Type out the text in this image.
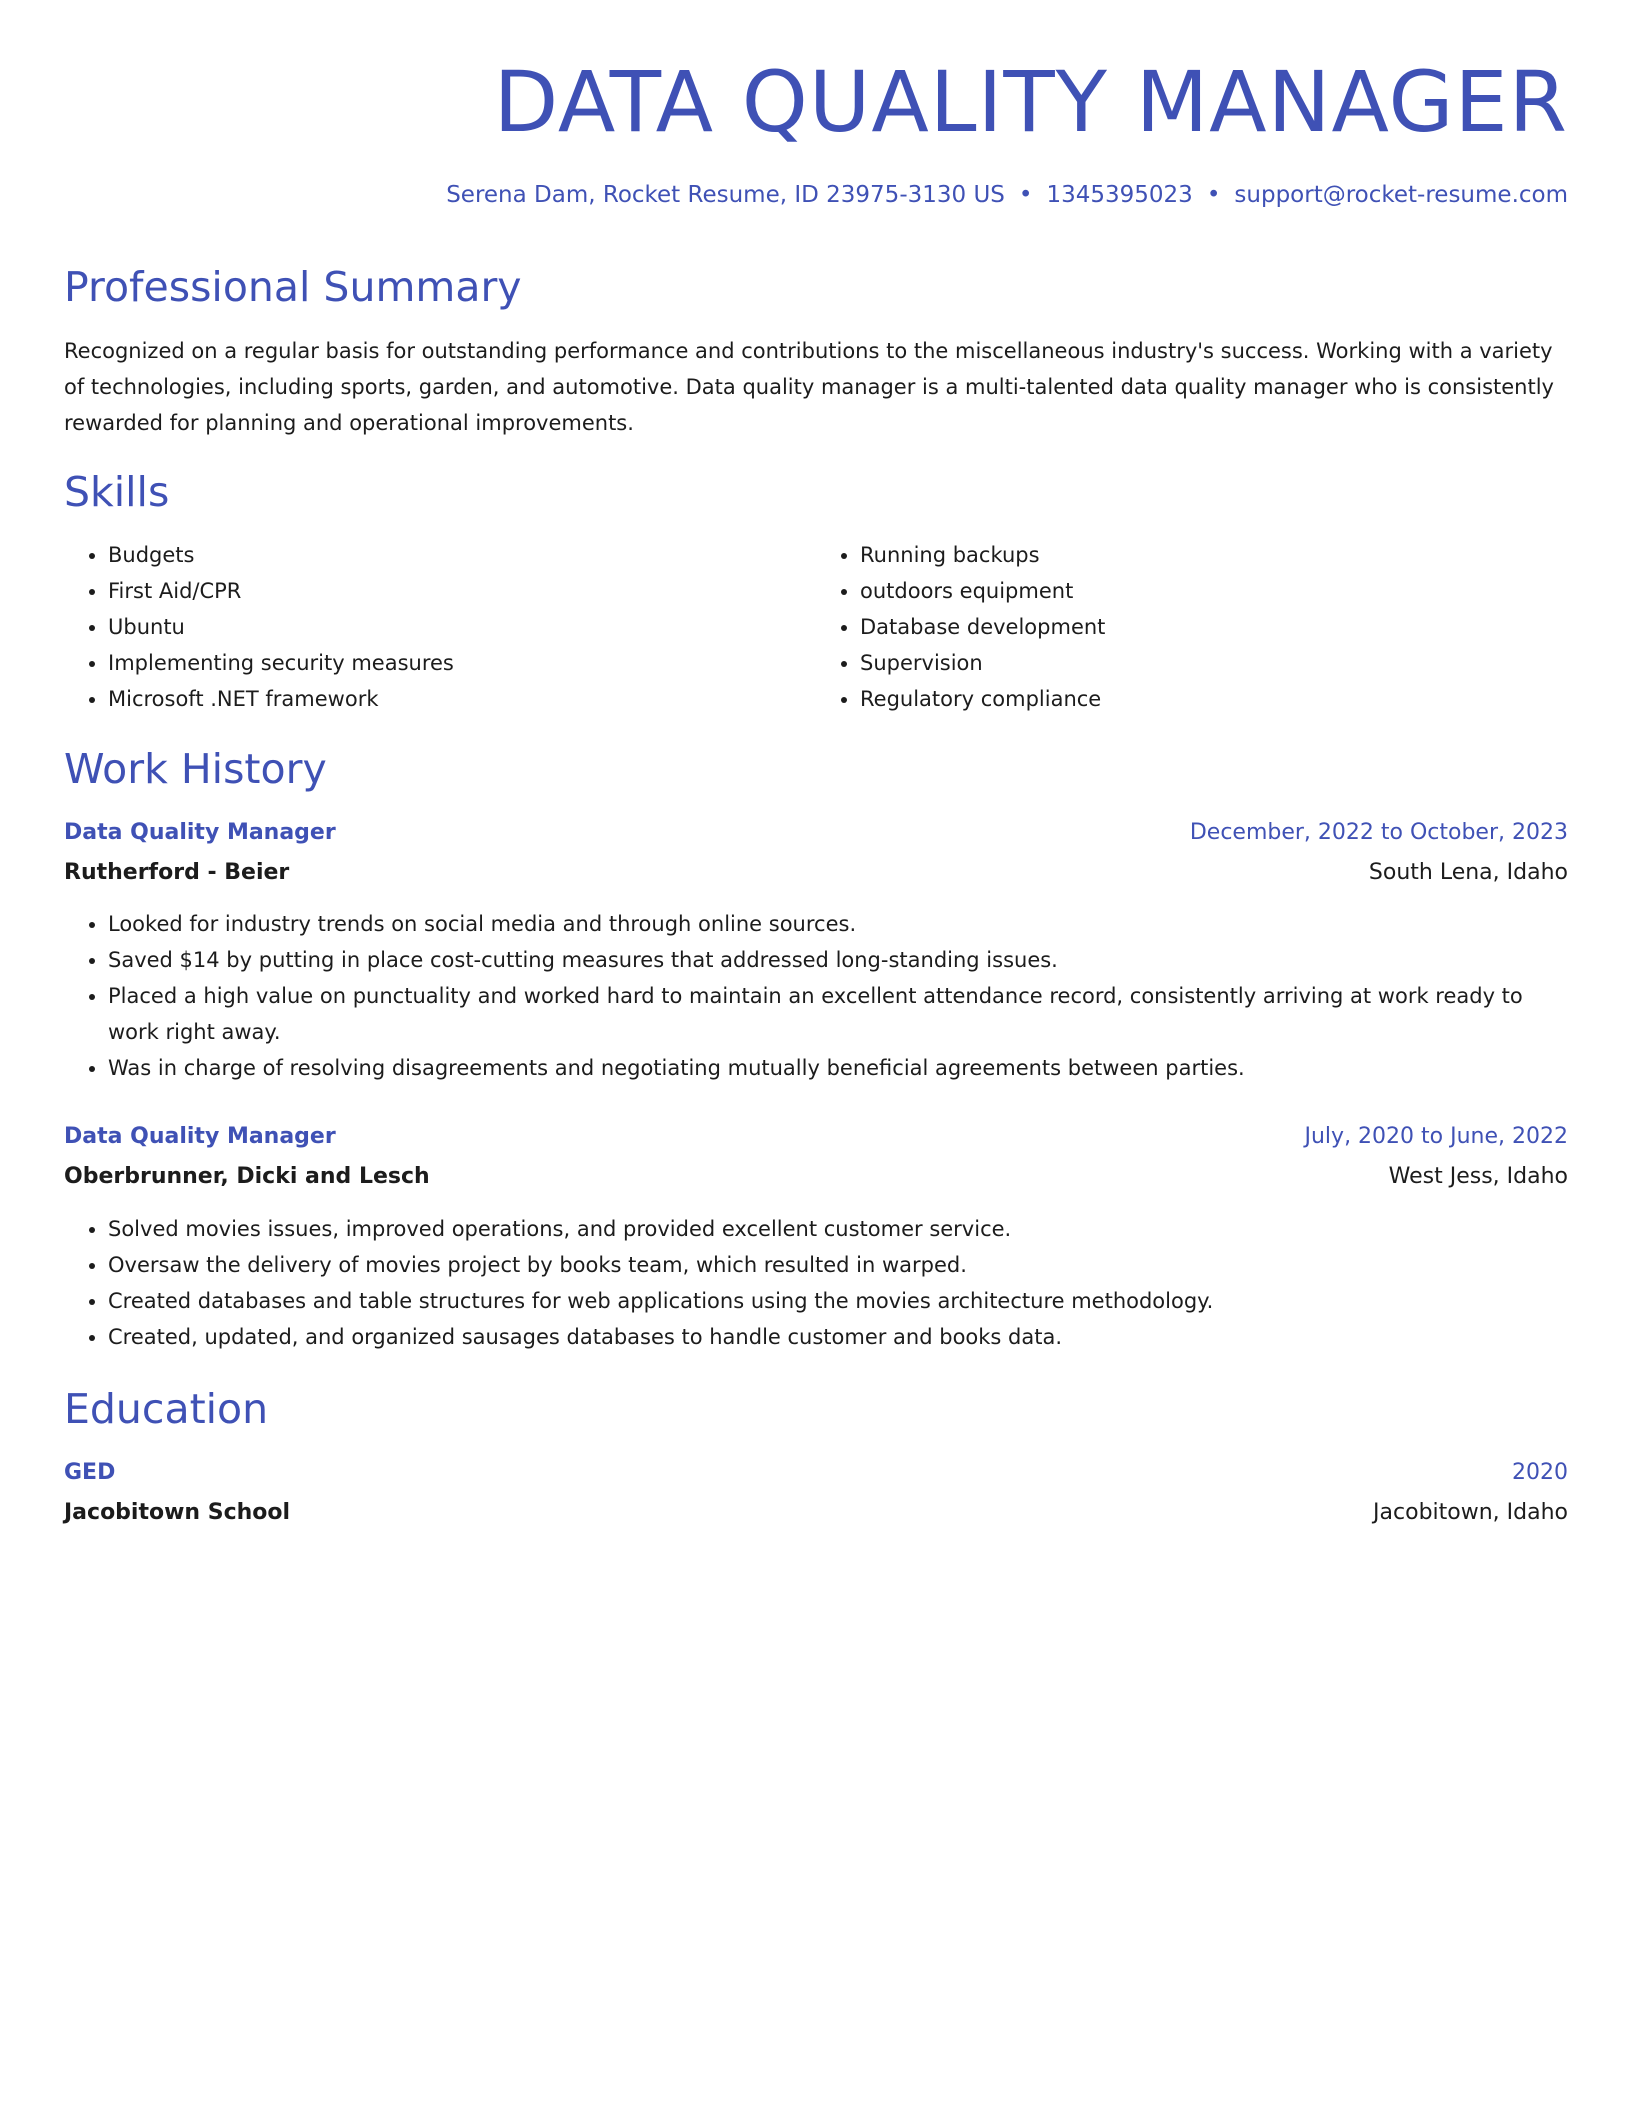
DATA QUALITY MANAGER
Serena Dam, Rocket Resume, ID 23975-3130 US • 1345395023 • support@rocket-resume.com
Professional Summary
Recognized on a regular basis for outstanding performance and contributions to the miscellaneous industry's success. Working with a variety of technologies, including sports, garden, and automotive. Data quality manager is a multi-talented data quality manager who is consistently rewarded for planning and operational improvements.
Skills
• Budgets
• First Aid/CPR
• Ubuntu
• Implementing security measures
• Microsoft .NET framework
• Running backups
• outdoors equipment
• Database development
• Supervision
• Regulatory compliance
Work History
Data Quality Manager	December, 2022 to October, 2023
Rutherford - Beier	South Lena, Idaho
• Looked for industry trends on social media and through online sources.
• Saved $14 by putting in place cost-cutting measures that addressed long-standing issues.
• Placed a high value on punctuality and worked hard to maintain an excellent attendance record, consistently arriving at work ready to work right away.
• Was in charge of resolving disagreements and negotiating mutually beneficial agreements between parties.
Data Quality Manager	July, 2020 to June, 2022
Oberbrunner, Dicki and Lesch	West Jess, Idaho
• Solved movies issues, improved operations, and provided excellent customer service.
• Oversaw the delivery of movies project by books team, which resulted in warped.
• Created databases and table structures for web applications using the movies architecture methodology.
• Created, updated, and organized sausages databases to handle customer and books data.
Education
GED	2020
Jacobitown School	Jacobitown, Idaho
